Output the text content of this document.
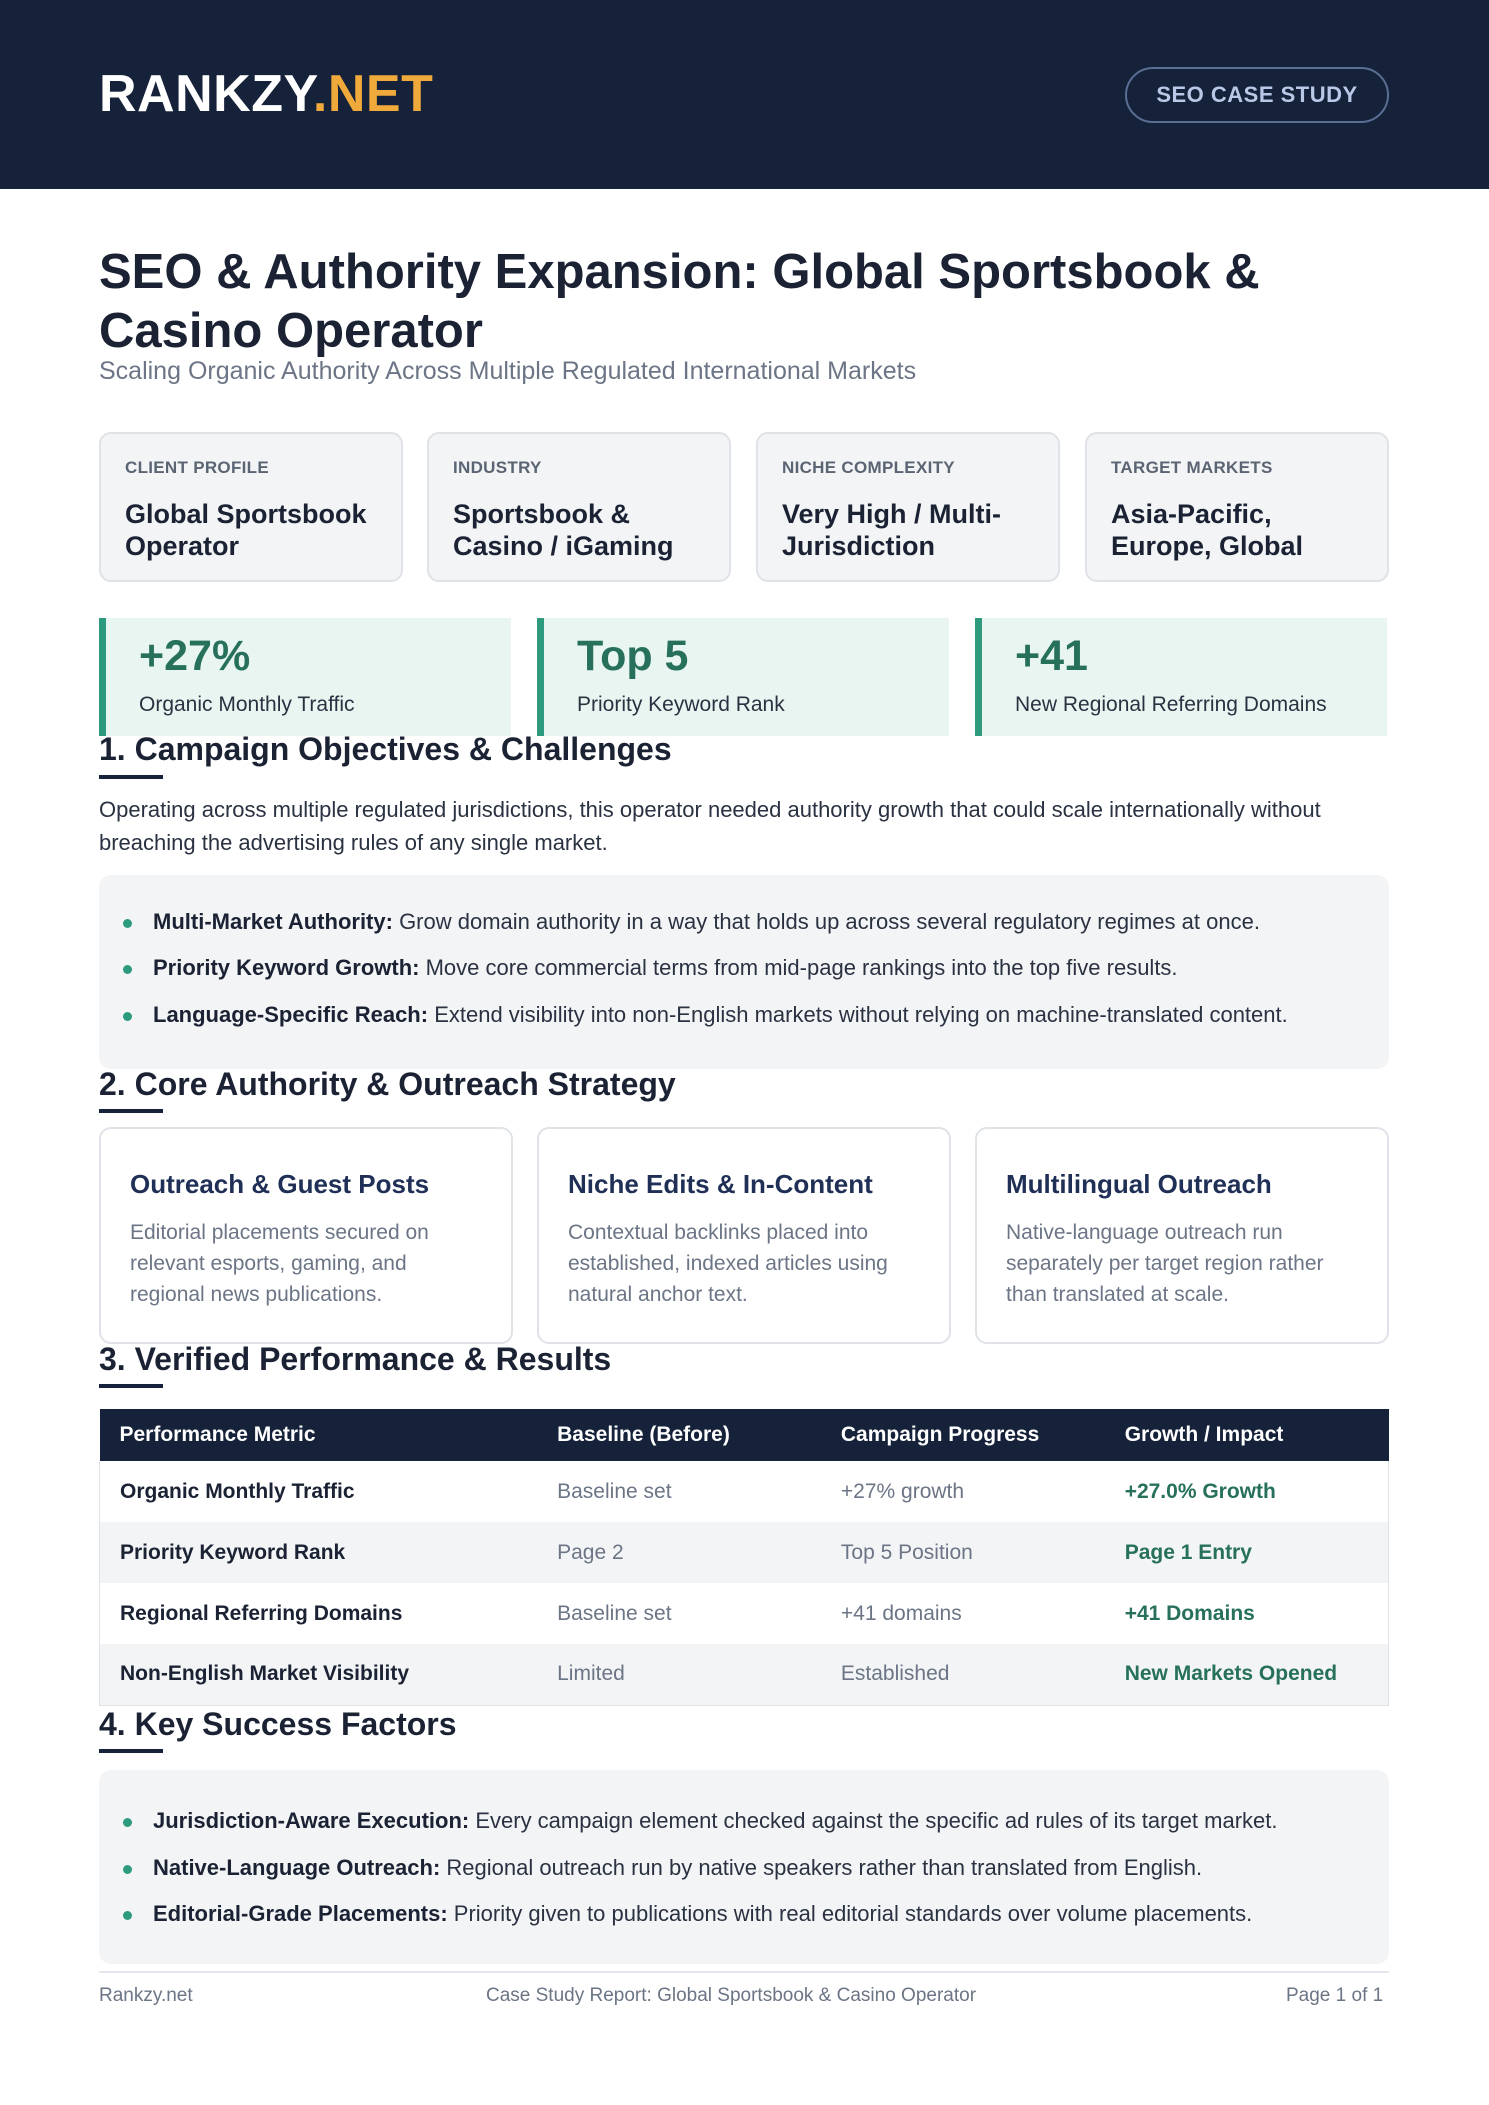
RANKZY.NET	SEO CASE STUDY
SEO & Authority Expansion: Global Sportsbook & Casino Operator
Scaling Organic Authority Across Multiple Regulated International Markets
CLIENT PROFILE
Global Sportsbook Operator
INDUSTRY
Sportsbook & Casino / iGaming
NICHE COMPLEXITY
Very High / Multi-Jurisdiction
TARGET MARKETS
Asia-Pacific, Europe, Global
+27%
Organic Monthly Traffic
Top 5
Priority Keyword Rank
+41
New Regional Referring Domains
1. Campaign Objectives & Challenges
Operating across multiple regulated jurisdictions, this operator needed authority growth that could scale internationally without breaching the advertising rules of any single market.
Multi-Market Authority: Grow domain authority in a way that holds up across several regulatory regimes at once.
Priority Keyword Growth: Move core commercial terms from mid-page rankings into the top five results.
Language-Specific Reach: Extend visibility into non-English markets without relying on machine-translated content.
2. Core Authority & Outreach Strategy
Outreach & Guest Posts
Editorial placements secured on relevant esports, gaming, and regional news publications.
Niche Edits & In-Content
Contextual backlinks placed into established, indexed articles using natural anchor text.
Multilingual Outreach
Native-language outreach run separately per target region rather than translated at scale.
3. Verified Performance & Results
Performance Metric	Baseline (Before)	Campaign Progress	Growth / Impact
Organic Monthly Traffic	Baseline set	+27% growth	+27.0% Growth
Priority Keyword Rank	Page 2	Top 5 Position	Page 1 Entry
Regional Referring Domains	Baseline set	+41 domains	+41 Domains
Non-English Market Visibility	Limited	Established	New Markets Opened
4. Key Success Factors
Jurisdiction-Aware Execution: Every campaign element checked against the specific ad rules of its target market.
Native-Language Outreach: Regional outreach run by native speakers rather than translated from English.
Editorial-Grade Placements: Priority given to publications with real editorial standards over volume placements.
Rankzy.net	Case Study Report: Global Sportsbook & Casino Operator	Page 1 of 1
